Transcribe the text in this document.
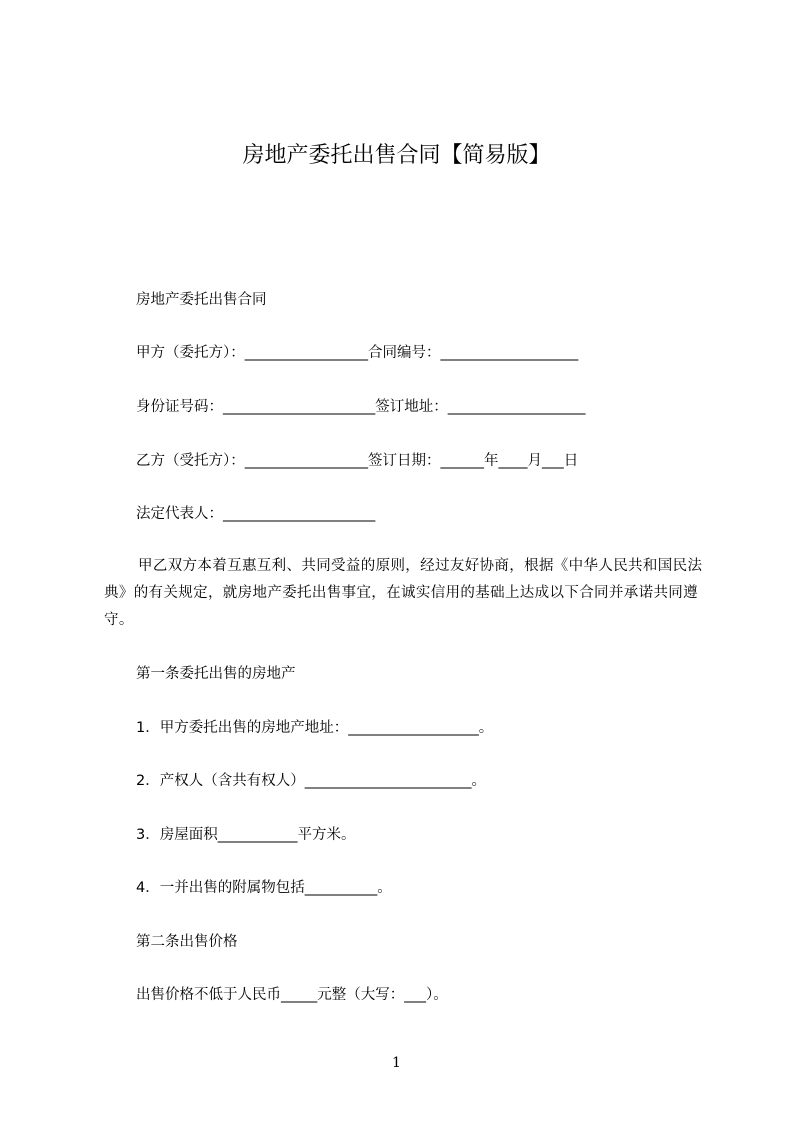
房地产委托出售合同【简易版】
房地产委托出售合同
甲方（委托方）：_________________合同编号：___________________
身份证号码：_____________________签订地址：___________________
乙方（受托方）：_________________签订日期：______年____月___日
法定代表人：_____________________
甲乙双方本着互惠互利、共同受益的原则，经过友好协商，根据《中华人民共和国民法典》的有关规定，就房地产委托出售事宜，在诚实信用的基础上达成以下合同并承诺共同遵守。
第一条委托出售的房地产
1．甲方委托出售的房地产地址：__________________。
2．产权人（含共有权人）_______________________。
3．房屋面积___________平方米。
4．一并出售的附属物包括__________。
第二条出售价格
出售价格不低于人民币_____元整（大写：___）。
1
